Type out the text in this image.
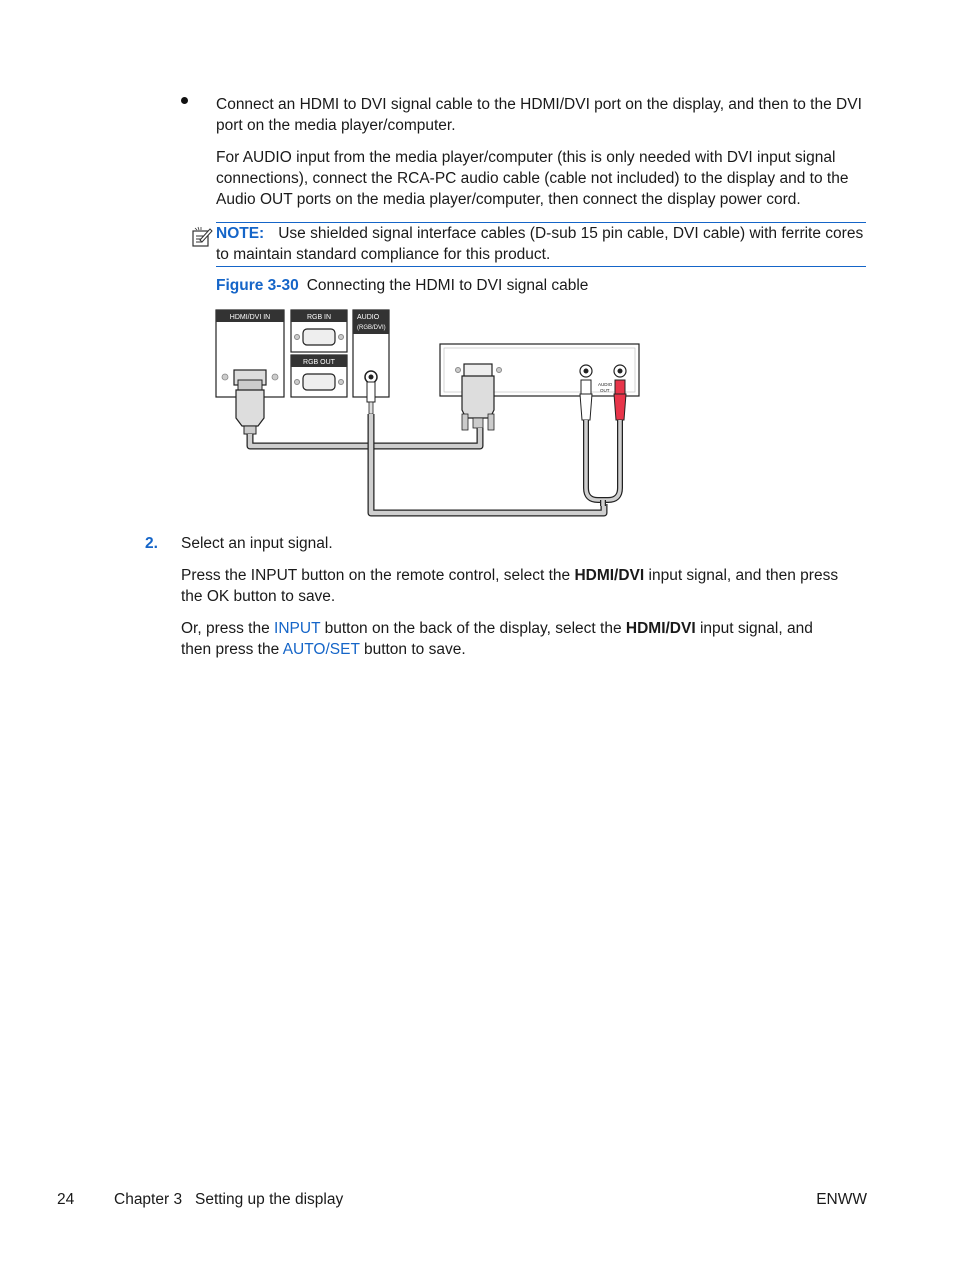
Connect an HDMI to DVI signal cable to the HDMI/DVI port on the display, and then to the DVI port on the media player/computer.

For AUDIO input from the media player/computer (this is only needed with DVI input signal connections), connect the RCA-PC audio cable (cable not included) to the display and to the Audio OUT ports on the media player/computer, then connect the display power cord.

NOTE: Use shielded signal interface cables (D-sub 15 pin cable, DVI cable) with ferrite cores to maintain standard compliance for this product.

Figure 3-30 Connecting the HDMI to DVI signal cable

HDMI/DVI IN	RGB IN
RGB OUT
AUDIO
(RGB/DVI)
AUDIO
OUT

2. Select an input signal.

Press the INPUT button on the remote control, select the HDMI/DVI input signal, and then press
the OK button to save.

Or, press the INPUT button on the back of the display, select the HDMI/DVI input signal, and
then press the AUTO/SET button to save.

24	Chapter 3   Setting up the display	ENWW
